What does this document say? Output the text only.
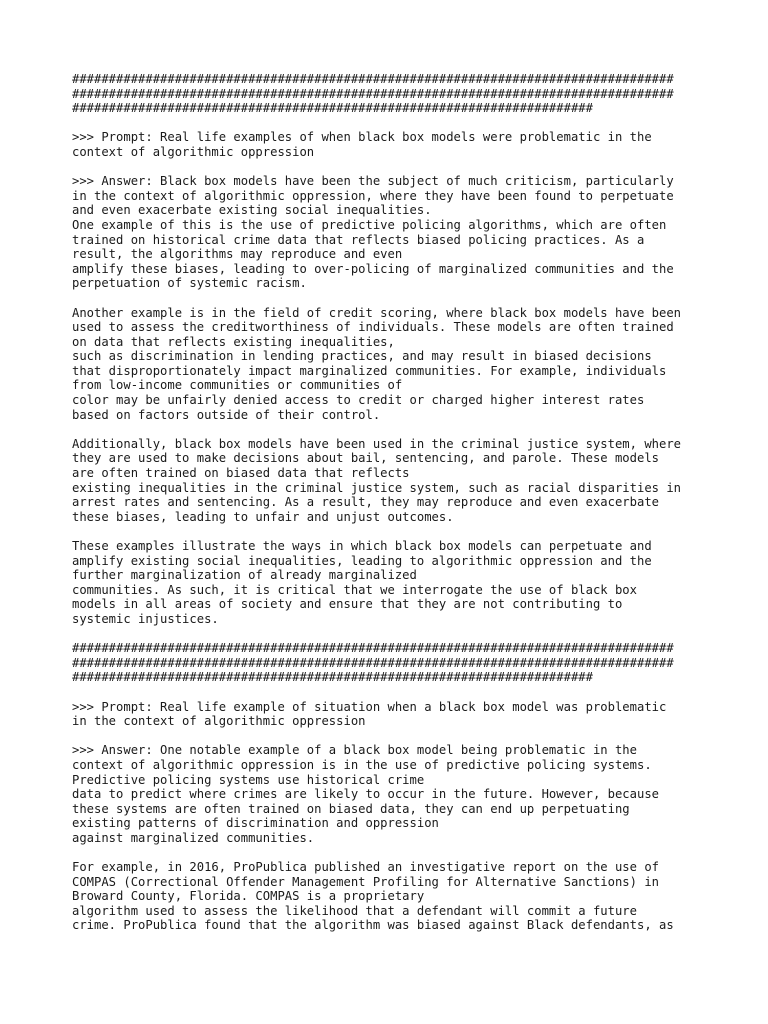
##################################################################################
##################################################################################
#######################################################################
>>> Prompt: Real life examples of when black box models were problematic in the
context of algorithmic oppression
>>> Answer: Black box models have been the subject of much criticism, particularly
in the context of algorithmic oppression, where they have been found to perpetuate
and even exacerbate existing social inequalities.
One example of this is the use of predictive policing algorithms, which are often
trained on historical crime data that reflects biased policing practices. As a
result, the algorithms may reproduce and even
amplify these biases, leading to over-policing of marginalized communities and the
perpetuation of systemic racism.
Another example is in the field of credit scoring, where black box models have been
used to assess the creditworthiness of individuals. These models are often trained
on data that reflects existing inequalities,
such as discrimination in lending practices, and may result in biased decisions
that disproportionately impact marginalized communities. For example, individuals
from low-income communities or communities of
color may be unfairly denied access to credit or charged higher interest rates
based on factors outside of their control.
Additionally, black box models have been used in the criminal justice system, where
they are used to make decisions about bail, sentencing, and parole. These models
are often trained on biased data that reflects
existing inequalities in the criminal justice system, such as racial disparities in
arrest rates and sentencing. As a result, they may reproduce and even exacerbate
these biases, leading to unfair and unjust outcomes.
These examples illustrate the ways in which black box models can perpetuate and
amplify existing social inequalities, leading to algorithmic oppression and the
further marginalization of already marginalized
communities. As such, it is critical that we interrogate the use of black box
models in all areas of society and ensure that they are not contributing to
systemic injustices.
##################################################################################
##################################################################################
#######################################################################
>>> Prompt: Real life example of situation when a black box model was problematic
in the context of algorithmic oppression
>>> Answer: One notable example of a black box model being problematic in the
context of algorithmic oppression is in the use of predictive policing systems.
Predictive policing systems use historical crime
data to predict where crimes are likely to occur in the future. However, because
these systems are often trained on biased data, they can end up perpetuating
existing patterns of discrimination and oppression
against marginalized communities.
For example, in 2016, ProPublica published an investigative report on the use of
COMPAS (Correctional Offender Management Profiling for Alternative Sanctions) in
Broward County, Florida. COMPAS is a proprietary
algorithm used to assess the likelihood that a defendant will commit a future
crime. ProPublica found that the algorithm was biased against Black defendants, as
